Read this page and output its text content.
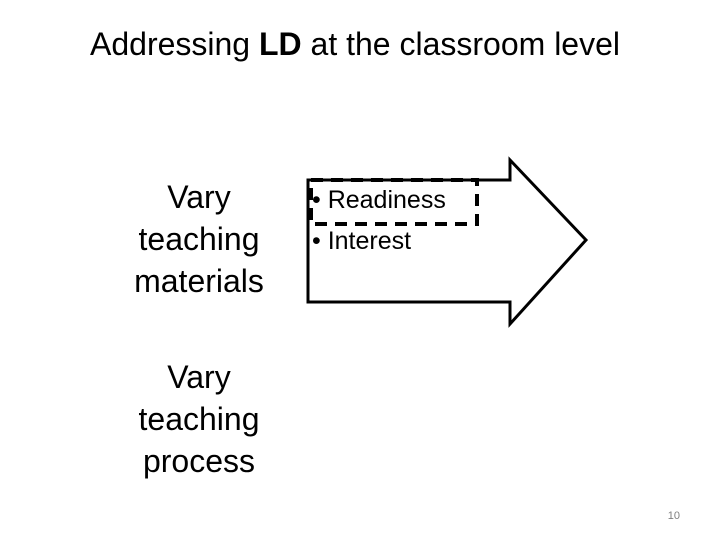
Addressing LD at the classroom level
Vary
teaching
materials
• Readiness
• Interest
Vary
teaching
process
10
